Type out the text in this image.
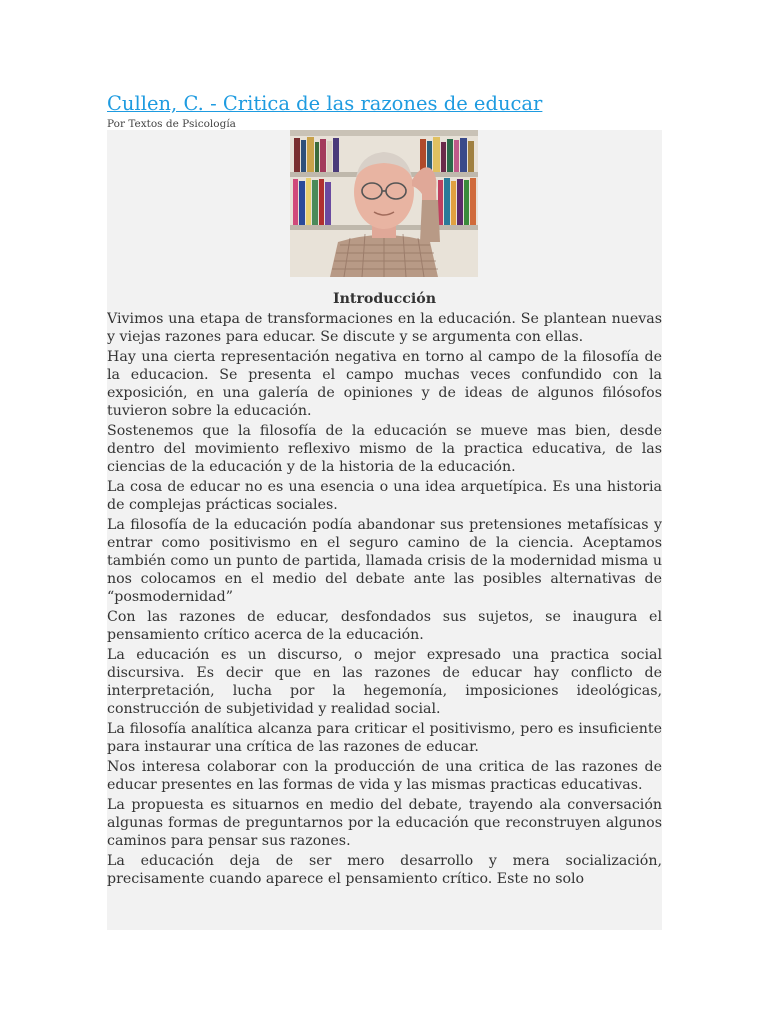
Cullen, C. - Critica de las razones de educar
Por Textos de Psicología
Introducción

Vivimos una etapa de transformaciones en la educación. Se plantean nuevas y viejas razones para educar. Se discute y se argumenta con ellas.

Hay una cierta representación negativa en torno al campo de la filosofía de la educacion. Se presenta el campo muchas veces confundido con la exposición, en una galería de opiniones y de ideas de algunos filósofos tuvieron sobre la educación.

Sostenemos que la filosofía de la educación se mueve mas bien, desde dentro del movimiento reflexivo mismo de la practica educativa, de las ciencias de la educación y de la historia de la educación.

La cosa de educar no es una esencia o una idea arquetípica. Es una historia de complejas prácticas sociales.

La filosofía de la educación podía abandonar sus pretensiones metafísicas y entrar como positivismo en el seguro camino de la ciencia. Aceptamos también como un punto de partida, llamada crisis de la modernidad misma u nos colocamos en el medio del debate ante las posibles alternativas de “posmodernidad”

Con las razones de educar, desfondados sus sujetos, se inaugura el pensamiento crítico acerca de la educación.

La educación es un discurso, o mejor expresado una practica social discursiva. Es decir que en las razones de educar hay conflicto de interpretación, lucha por la hegemonía, imposiciones ideológicas, construcción de subjetividad y realidad social.

La filosofía analítica alcanza para criticar el positivismo, pero es insuficiente para instaurar una crítica de las razones de educar.

Nos interesa colaborar con la producción de una critica de las razones de educar presentes en las formas de vida y las mismas practicas educativas.

La propuesta es situarnos en medio del debate, trayendo ala conversación algunas formas de preguntarnos por la educación que reconstruyen algunos caminos para pensar sus razones.

La educación deja de ser mero desarrollo y mera socialización, precisamente cuando aparece el pensamiento crítico. Este no solo
